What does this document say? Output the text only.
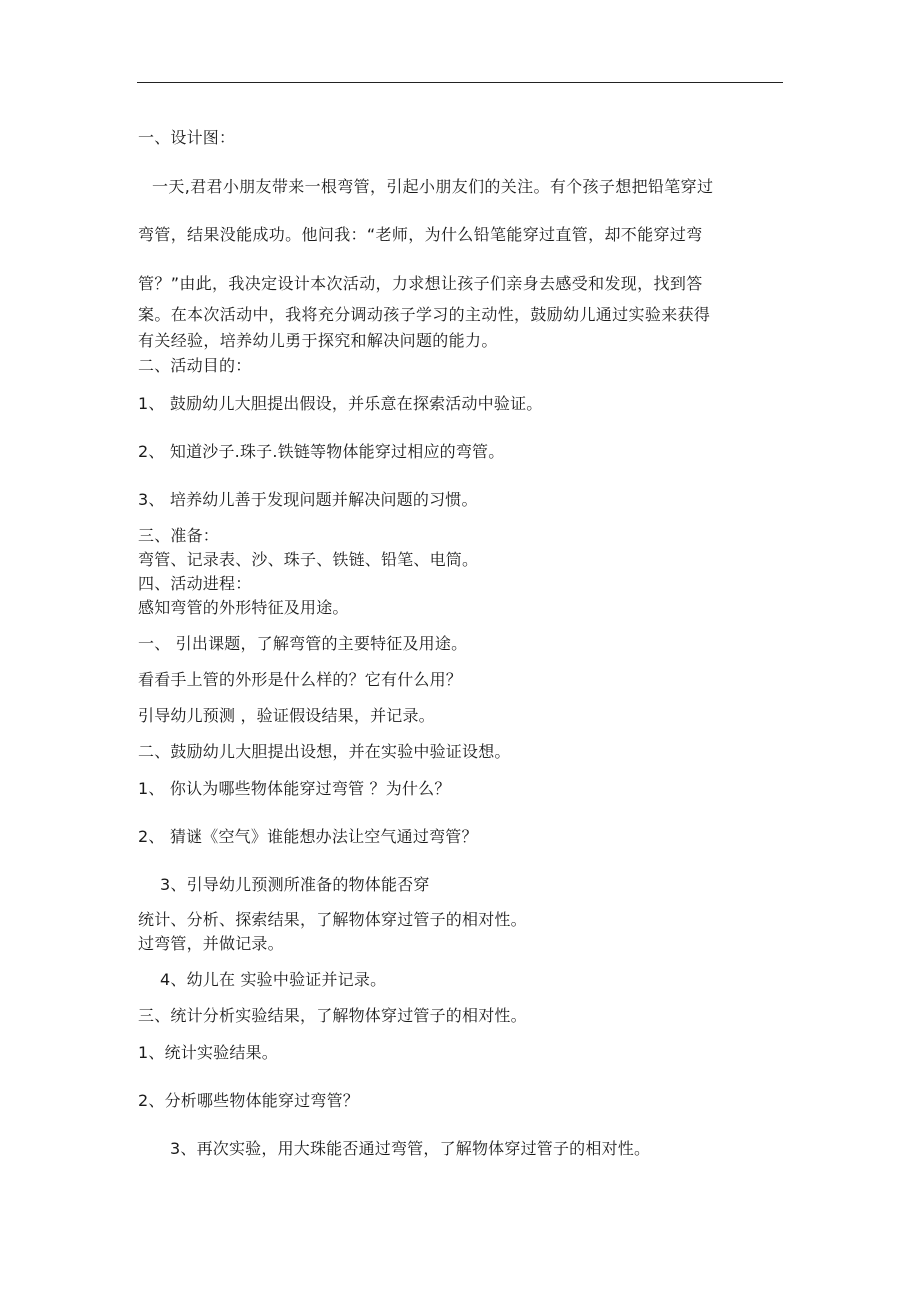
一、设计图：
一天,君君小朋友带来一根弯管，引起小朋友们的关注。有个孩子想把铅笔穿过
弯管，结果没能成功。他问我：“老师，为什么铅笔能穿过直管，却不能穿过弯
管？”由此，我决定设计本次活动，力求想让孩子们亲身去感受和发现，找到答
案。在本次活动中，我将充分调动孩子学习的主动性，鼓励幼儿通过实验来获得
有关经验，培养幼儿勇于探究和解决问题的能力。
二、活动目的：
1、 鼓励幼儿大胆提出假设，并乐意在探索活动中验证。
2、 知道沙子.珠子.铁链等物体能穿过相应的弯管。
3、 培养幼儿善于发现问题并解决问题的习惯。
三、准备：
弯管、记录表、沙、珠子、铁链、铅笔、电筒。
四、活动进程：
感知弯管的外形特征及用途。
一、 引出课题，了解弯管的主要特征及用途。
看看手上管的外形是什么样的？它有什么用？
引导幼儿预测 ，验证假设结果，并记录。
二、鼓励幼儿大胆提出设想，并在实验中验证设想。
1、 你认为哪些物体能穿过弯管 ？为什么？
2、 猜谜《空气》谁能想办法让空气通过弯管？
3、引导幼儿预测所准备的物体能否穿
统计、分析、探索结果，了解物体穿过管子的相对性。
过弯管，并做记录。
4、幼儿在 实验中验证并记录。
三、统计分析实验结果，了解物体穿过管子的相对性。
1、统计实验结果。
2、分析哪些物体能穿过弯管？
3、再次实验，用大珠能否通过弯管，了解物体穿过管子的相对性。
